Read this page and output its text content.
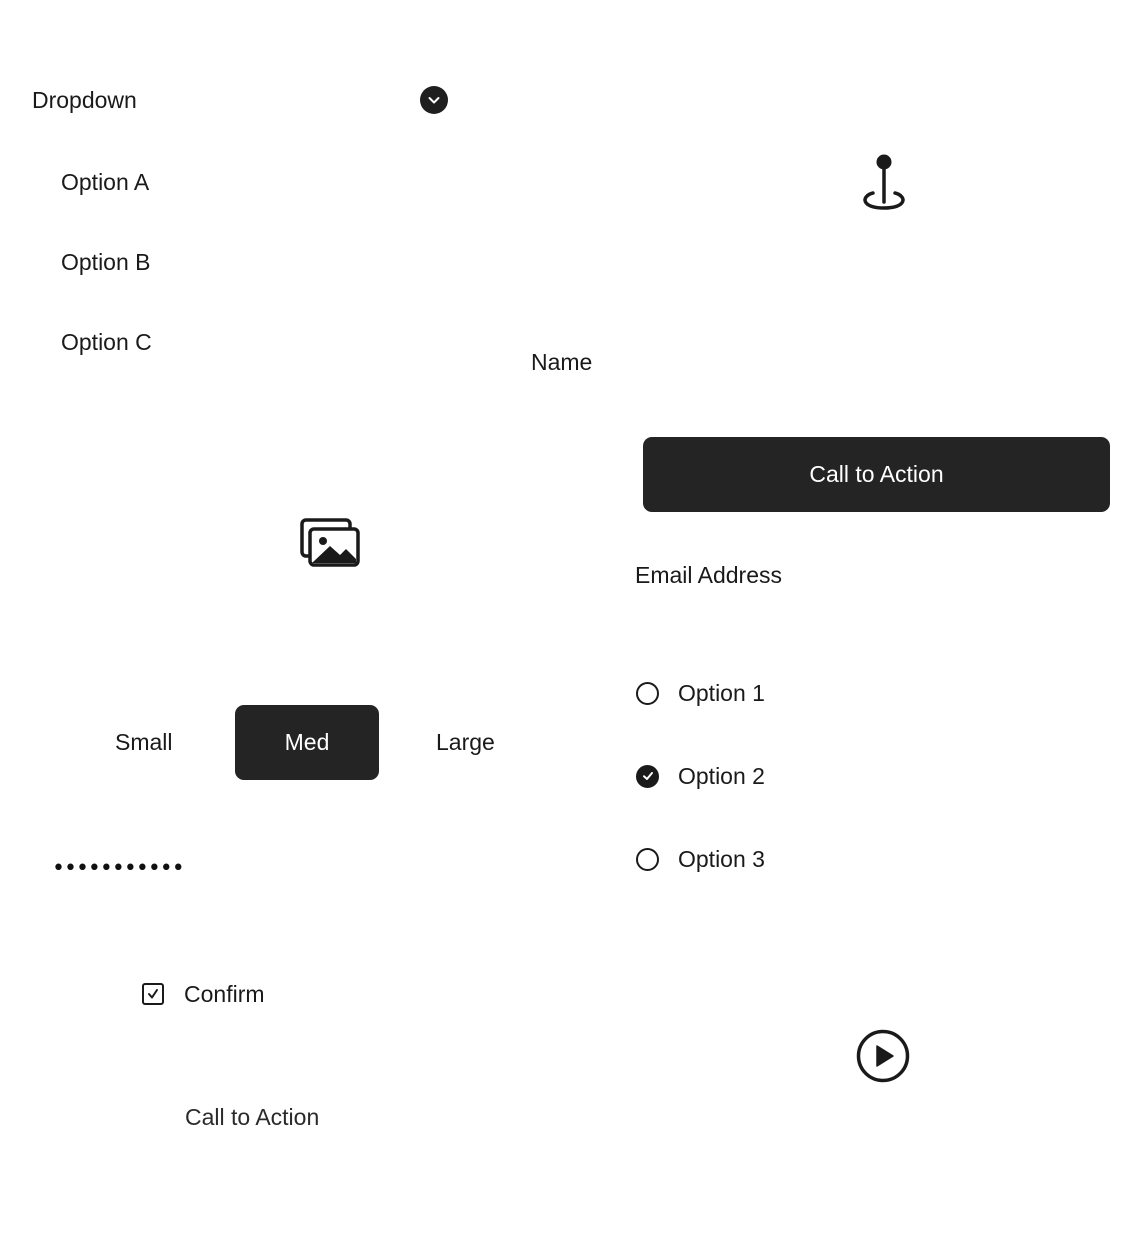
Dropdown
Option A
Option B
Option C
Name
Call to Action
Email Address
Small	Med	Large
•••••••••••
Option 1
Option 2
Option 3
Confirm
Call to Action
